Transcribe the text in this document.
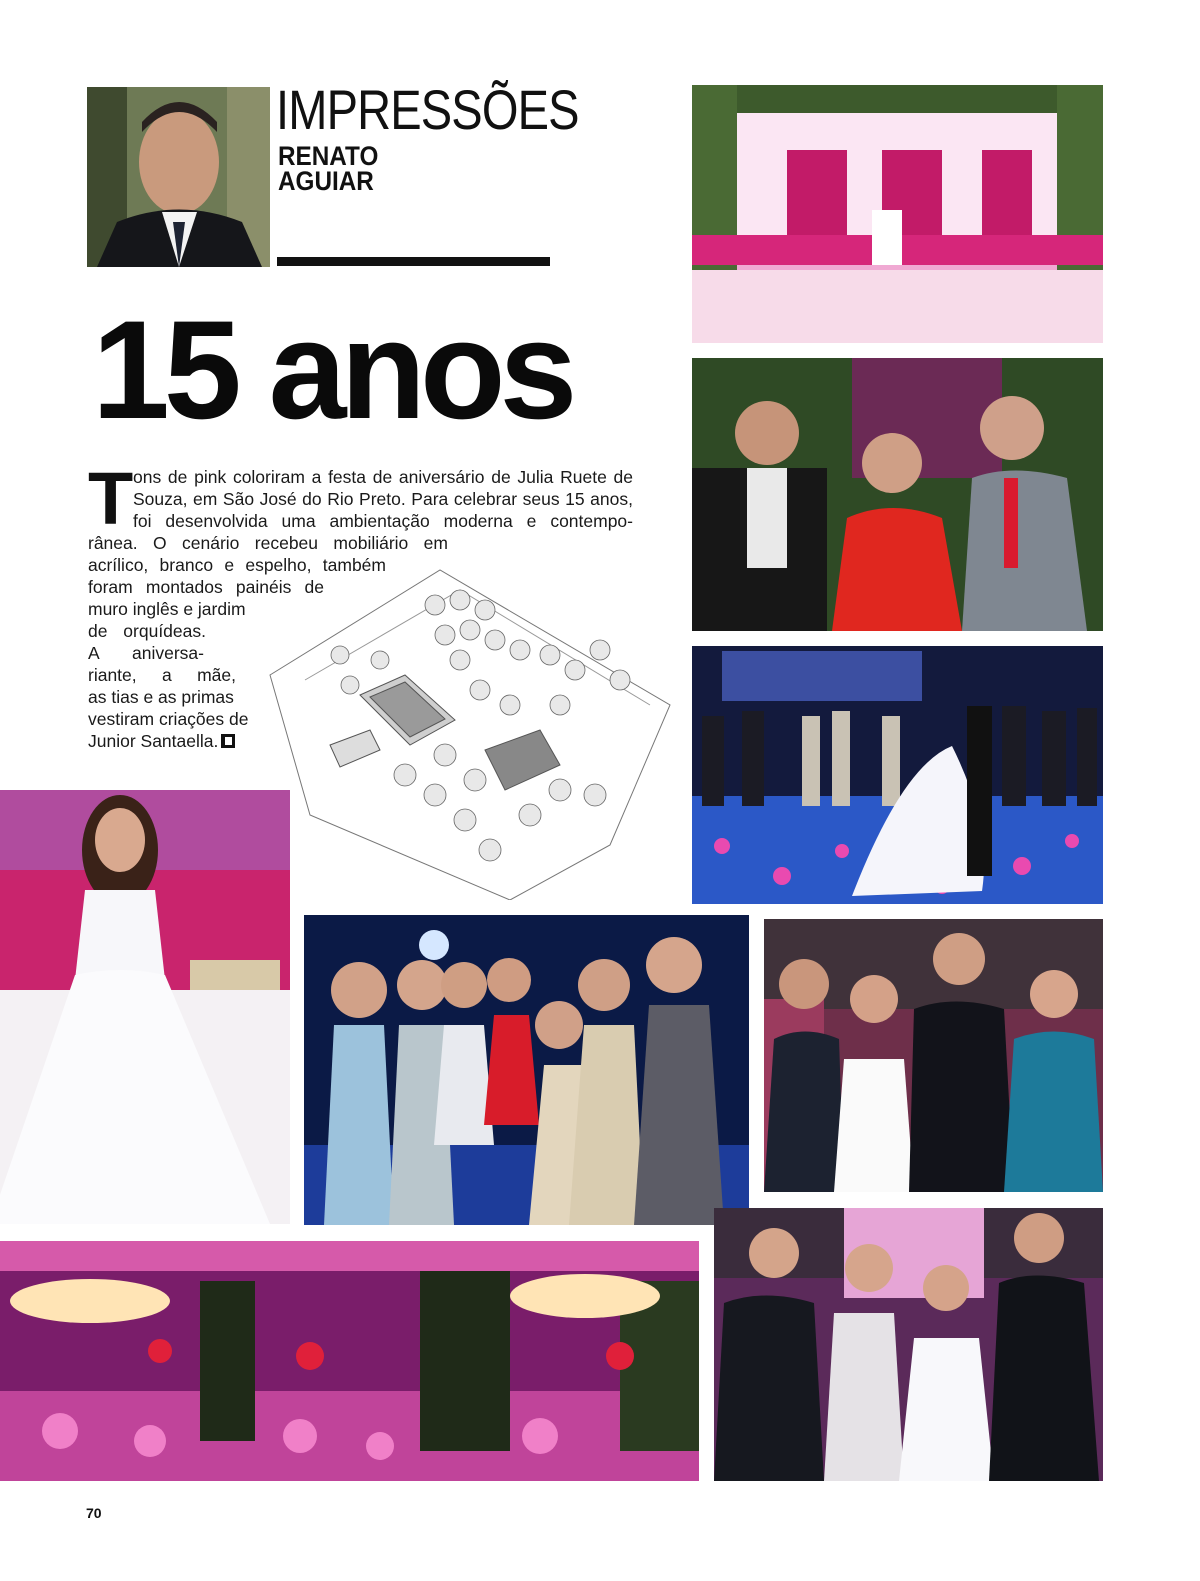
IMPRESSÕES
RENATO
AGUIAR
15 anos
T ons de pink coloriram a festa de aniversário de Julia Ruete de
Souza, em São José do Rio Preto. Para celebrar seus 15 anos,
foi desenvolvida uma ambientação moderna e contempo-
rânea. O cenário recebeu mobiliário em
acrílico, branco e espelho, também
foram montados painéis de
muro inglês e jardim
de orquídeas.
A aniversa-
riante, a mãe,
as tias e as primas
vestiram criações de
Junior Santaella.
70
